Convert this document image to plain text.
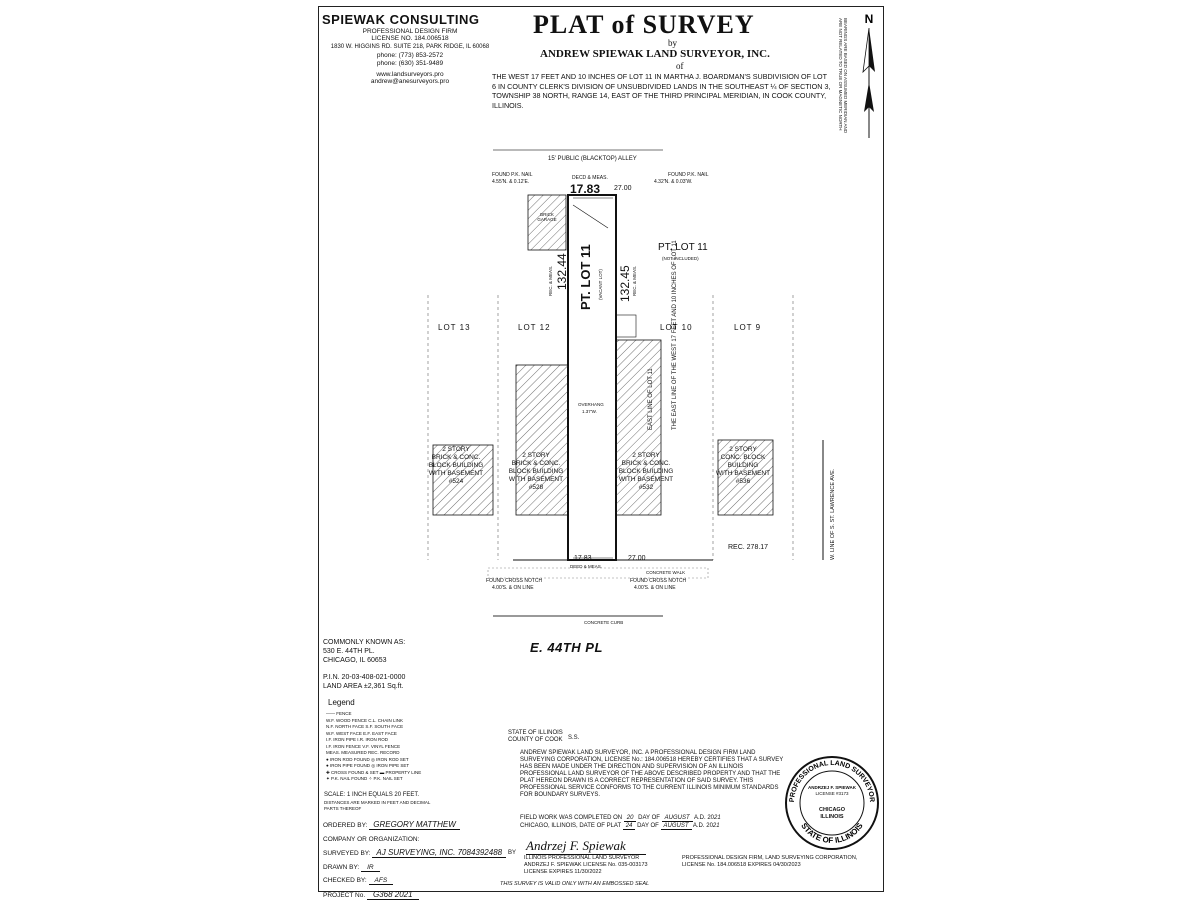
SPIEWAK CONSULTING
PROFESSIONAL DESIGN FIRM
LICENSE NO. 184.006518
1830 W. HIGGINS RD. SUITE 218, PARK RIDGE, IL 60068
phone: (773) 853-2572
phone: (630) 351-9489
www.landsurveyors.pro
andrew@anesurveyors.pro
PLAT of SURVEY
by
ANDREW SPIEWAK LAND SURVEYOR, INC.
of
THE WEST 17 FEET AND 10 INCHES OF LOT 11 IN MARTHA J. BOARDMAN'S SUBDIVISION OF LOT 6 IN COUNTY CLERK'S DIVISION OF UNSUBDIVIDED LANDS IN THE SOUTHEAST ¼ OF SECTION 3, TOWNSHIP 38 NORTH, RANGE 14, EAST OF THE THIRD PRINCIPAL MERIDIAN, IN COOK COUNTY, ILLINOIS.
N
BEARINGS ARE BASED ON ASSUMED MERIDIAN AND ARE NOT RELATED TO TRUE OR MAGNETIC NORTH
15' PUBLIC (BLACKTOP) ALLEY
FOUND P.K. NAIL
4.55'N. & 0.12'E.
FOUND P.K. NAIL
4.32'N. & 0.03'W.
DECD & MEAS.
17.83 27.00
PT. LOT 11 (VACANT LOT)
132.44	132.45
REC. & MEAS.	REC. & MEAS.
PT. LOT 11
(NOT INCLUDED)
LOT 13	LOT 12	LOT 10	LOT 9
BRICK GARAGE
2 STORY
BRICK & CONC.
BLOCK BUILDING
WITH BASEMENT
#524
2 STORY
BRICK & CONC.
BLOCK BUILDING
WITH BASEMENT
#528
2 STORY
BRICK & CONC.
BLOCK BUILDING
WITH BASEMENT
#532
2 STORY
CONC. BLOCK
BUILDING
WITH BASEMENT
#536
THE EAST LINE OF THE WEST 17 FEET AND 10 INCHES OF LOT 11
EAST LINE OF LOT 11
OVERHANG
1.37'W.
W. LINE OF S. ST. LAWRENCE AVE.
REC. 278.17
17.83	27.00
DEED & MEAS.
CONCRETE WALK
FOUND CROSS NOTCH
4.00'S. & ON LINE
FOUND CROSS NOTCH
4.00'S. & ON LINE
CONCRETE CURB
E. 44TH PL
COMMONLY KNOWN AS:
530 E. 44TH PL.
CHICAGO, IL 60653
P.I.N. 20-03-408-021-0000
LAND AREA ±2,361 Sq.ft.
Legend
—— FENCE
W.F. WOOD FENCE C.L. CHAIN LINK
N.F. NORTH FACE S.F. SOUTH FACE
W.F. WEST FACE E.F. EAST FACE
I.F. IRON PIPE I.R. IRON ROD
I.F. IRON FENCE V.F. VINYL FENCE
MEAS. MEASURED REC. RECORD
● IRON ROD FOUND ◎ IRON ROD SET
● IRON PIPE FOUND ◎ IRON PIPE SET
✚ CROSS FOUND & SET ▬ PROPERTY LINE
✦ P.K. NAIL FOUND ✧ P.K. NAIL SET
SCALE: 1 INCH EQUALS 20 FEET.
DISTANCES ARE MARKED IN FEET AND DECIMAL PARTS THEREOF
ORDERED BY: GREGORY MATTHEW
COMPANY OR ORGANIZATION:
SURVEYED BY: AJ SURVEYING, INC. 7084392488
DRAWN BY: IR
CHECKED BY: AFS
PROJECT No. G368 2021
STATE OF ILLINOIS
COUNTY OF COOK S.S.
ANDREW SPIEWAK LAND SURVEYOR, INC. A PROFESSIONAL DESIGN FIRM LAND SURVEYING CORPORATION, LICENSE No.: 184.006518 HEREBY CERTIFIES THAT A SURVEY HAS BEEN MADE UNDER THE DIRECTION AND SUPERVISION OF AN ILLINOIS PROFESSIONAL LAND SURVEYOR OF THE ABOVE DESCRIBED PROPERTY AND THAT THE PLAT HEREON DRAWN IS A CORRECT REPRESENTATION OF SAID SURVEY. THIS PROFESSIONAL SERVICE CONFORMS TO THE CURRENT ILLINOIS MINIMUM STANDARDS FOR BOUNDARY SURVEYS.
FIELD WORK WAS COMPLETED ON 20 DAY OF AUGUST A.D. 2021
CHICAGO, ILLINOIS, DATE OF PLAT 24 DAY OF AUGUST A.D. 2021
BY Andrzej F. Spiewak
ILLINOIS PROFESSIONAL LAND SURVEYOR
ANDRZEJ F. SPIEWAK LICENSE No. 035-003173
LICENSE EXPIRES 11/30/2022
PROFESSIONAL DESIGN FIRM, LAND SURVEYING CORPORATION,
LICENSE No. 184.006518 EXPIRES 04/30/2023
THIS SURVEY IS VALID ONLY WITH AN EMBOSSED SEAL
PROFESSIONAL LAND SURVEYOR
STATE OF ILLINOIS
ANDRZEJ F. SPIEWAK
LICENSE #3173
CHICAGO
ILLINOIS
